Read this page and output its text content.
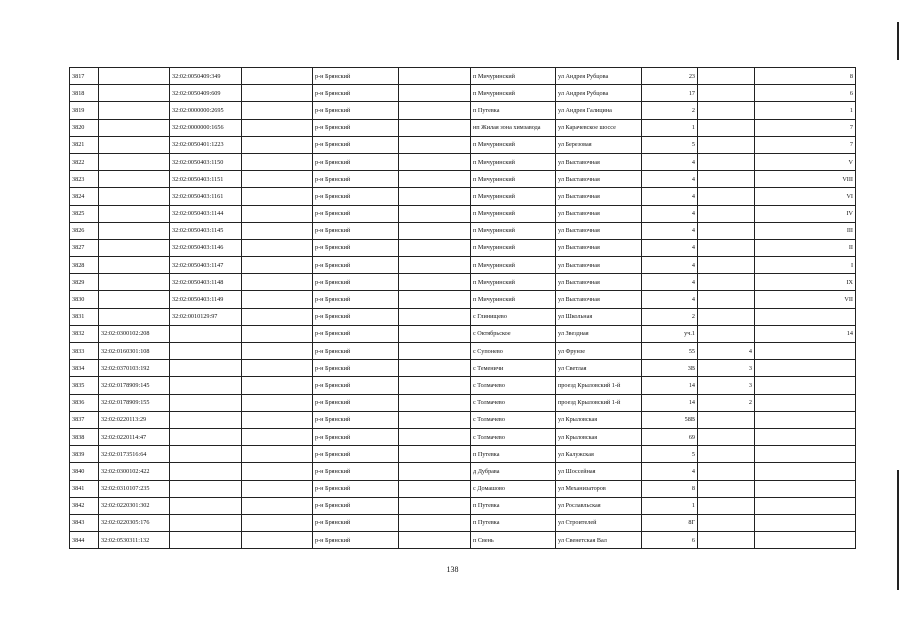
3817		32:02:0050409:349		р-н Брянский		п Мичуринский	ул Андрея Рубцова	23		8
3818		32:02:0050409:609		р-н Брянский		п Мичуринский	ул Андрея Рубцова	17		6
3819		32:02:0000000:2695		р-н Брянский		п Путевка	ул Андрея Галицина	2		1
3820		32:02:0000000:1656		р-н Брянский		нп Жилая зона химзавода	ул Карачевское шоссе	1		7
3821		32:02:0050401:1223		р-н Брянский		п Мичуринский	ул Березовая	5		7
3822		32:02:0050403:1150		р-н Брянский		п Мичуринский	ул Выставочная	4		V
3823		32:02:0050403:1151		р-н Брянский		п Мичуринский	ул Выставочная	4		VIII
3824		32:02:0050403:1161		р-н Брянский		п Мичуринский	ул Выставочная	4		VI
3825		32:02:0050403:1144		р-н Брянский		п Мичуринский	ул Выставочная	4		IV
3826		32:02:0050403:1145		р-н Брянский		п Мичуринский	ул Выставочная	4		III
3827		32:02:0050403:1146		р-н Брянский		п Мичуринский	ул Выставочная	4		II
3828		32:02:0050403:1147		р-н Брянский		п Мичуринский	ул Выставочная	4		I
3829		32:02:0050403:1148		р-н Брянский		п Мичуринский	ул Выставочная	4		IX
3830		32:02:0050403:1149		р-н Брянский		п Мичуринский	ул Выставочная	4		VII
3831		32:02:0010129:97		р-н Брянский		с Глинищево	ул Школьная	2		
3832	32:02:0300102:208			р-н Брянский		с Октябрьское	ул Звездная	уч.1		14
3833	32:02:0160301:108			р-н Брянский		с Супонево	ул Фрунзе	55	4	
3834	32:02:0370103:192			р-н Брянский		с Теменичи	ул Светлая	3В	3	
3835	32:02:0178909:145			р-н Брянский		с Толмачево	проезд Крыловский 1-й	14	3	
3836	32:02:0178909:155			р-н Брянский		с Толмачево	проезд Крыловский 1-й	14	2	
3837	32:02:0220113:29			р-н Брянский		с Толмачево	ул Крыловская	58В		
3838	32:02:0220114:47			р-н Брянский		с Толмачево	ул Крыловская	69		
3839	32:02:0173516:64			р-н Брянский		п Путевка	ул Калужская	5		
3840	32:02:0300102:422			р-н Брянский		д Дубрава	ул Шоссейная	4		
3841	32:02:0310107:235			р-н Брянский		с Домашово	ул Механизаторов	8		
3842	32:02:0220301:302			р-н Брянский		п Путевка	ул Рославльская	1		
3843	32:02:0220305:176			р-н Брянский		п Путевка	ул Строителей	8Г		
3844	32:02:0530311:132			р-н Брянский		п Свень	ул Свенетская Вал	6		
138
